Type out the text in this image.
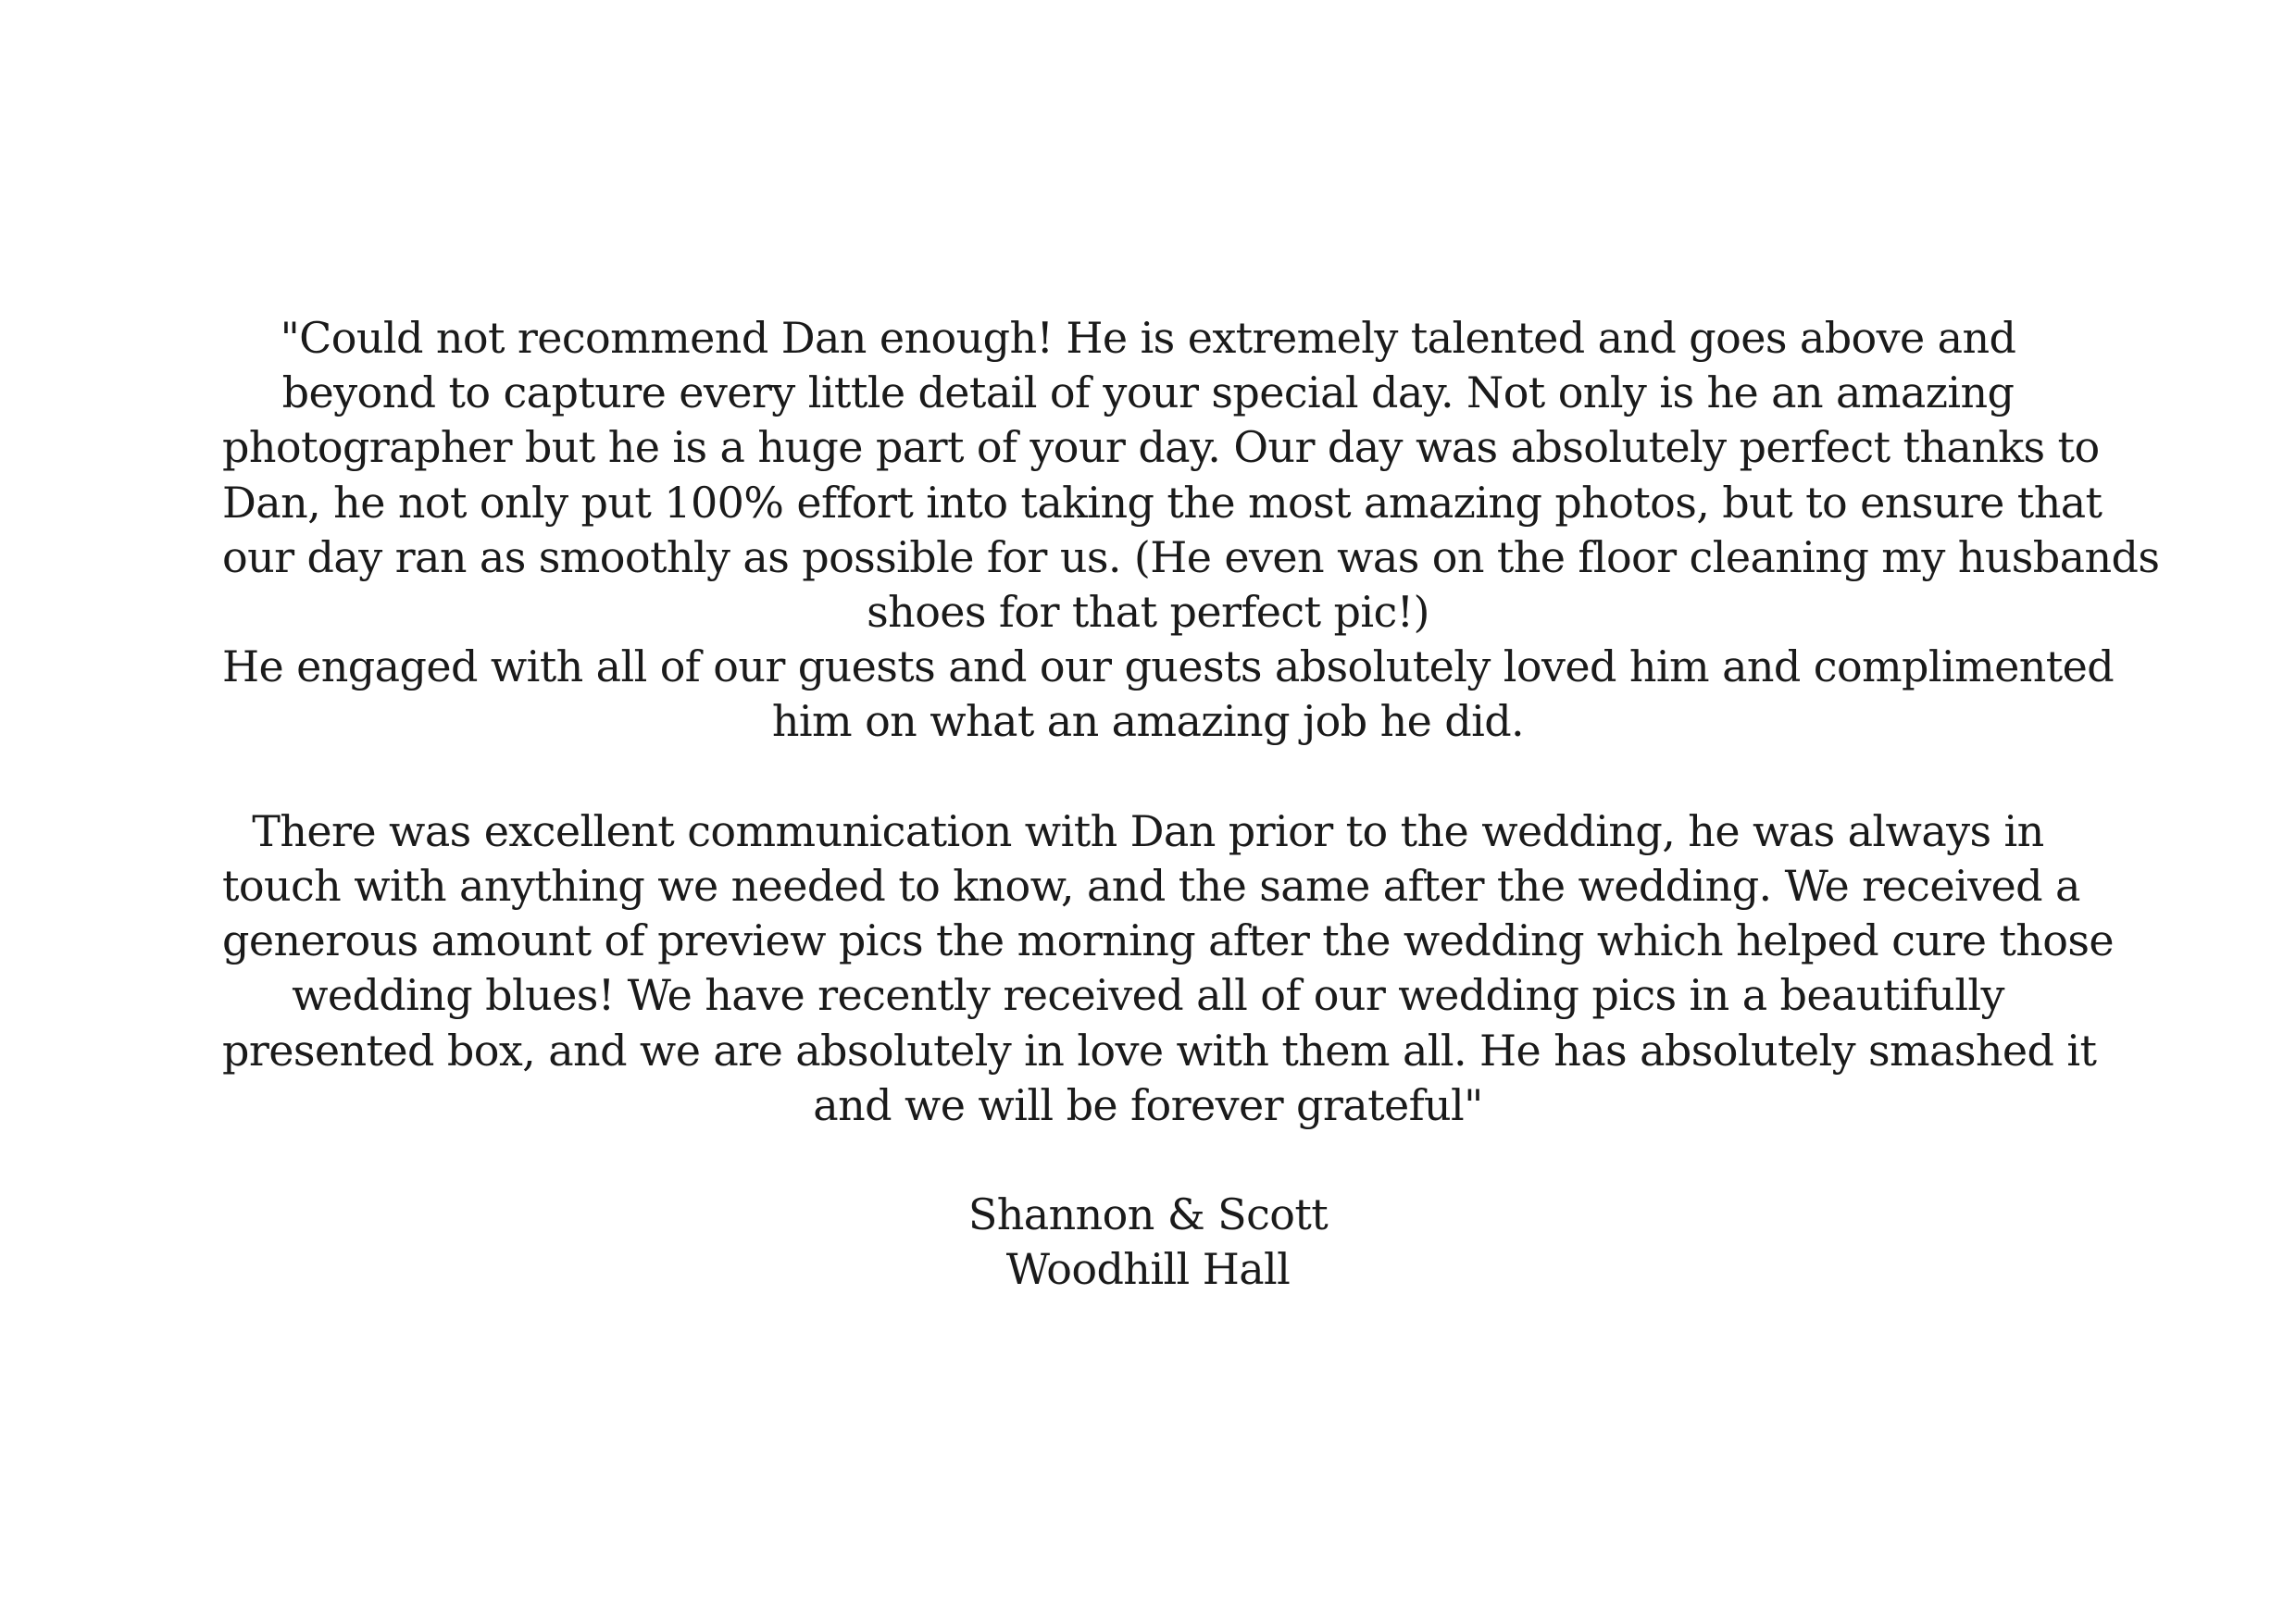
"Could not recommend Dan enough! He is extremely talented and goes above and
beyond to capture every little detail of your special day. Not only is he an amazing
photographer but he is a huge part of your day. Our day was absolutely perfect thanks to
Dan, he not only put 100% effort into taking the most amazing photos, but to ensure that
our day ran as smoothly as possible for us. (He even was on the floor cleaning my husbands
shoes for that perfect pic!)
He engaged with all of our guests and our guests absolutely loved him and complimented
him on what an amazing job he did.
There was excellent communication with Dan prior to the wedding, he was always in
touch with anything we needed to know, and the same after the wedding. We received a
generous amount of preview pics the morning after the wedding which helped cure those
wedding blues! We have recently received all of our wedding pics in a beautifully
presented box, and we are absolutely in love with them all. He has absolutely smashed it
and we will be forever grateful"
Shannon & Scott
Woodhill Hall
